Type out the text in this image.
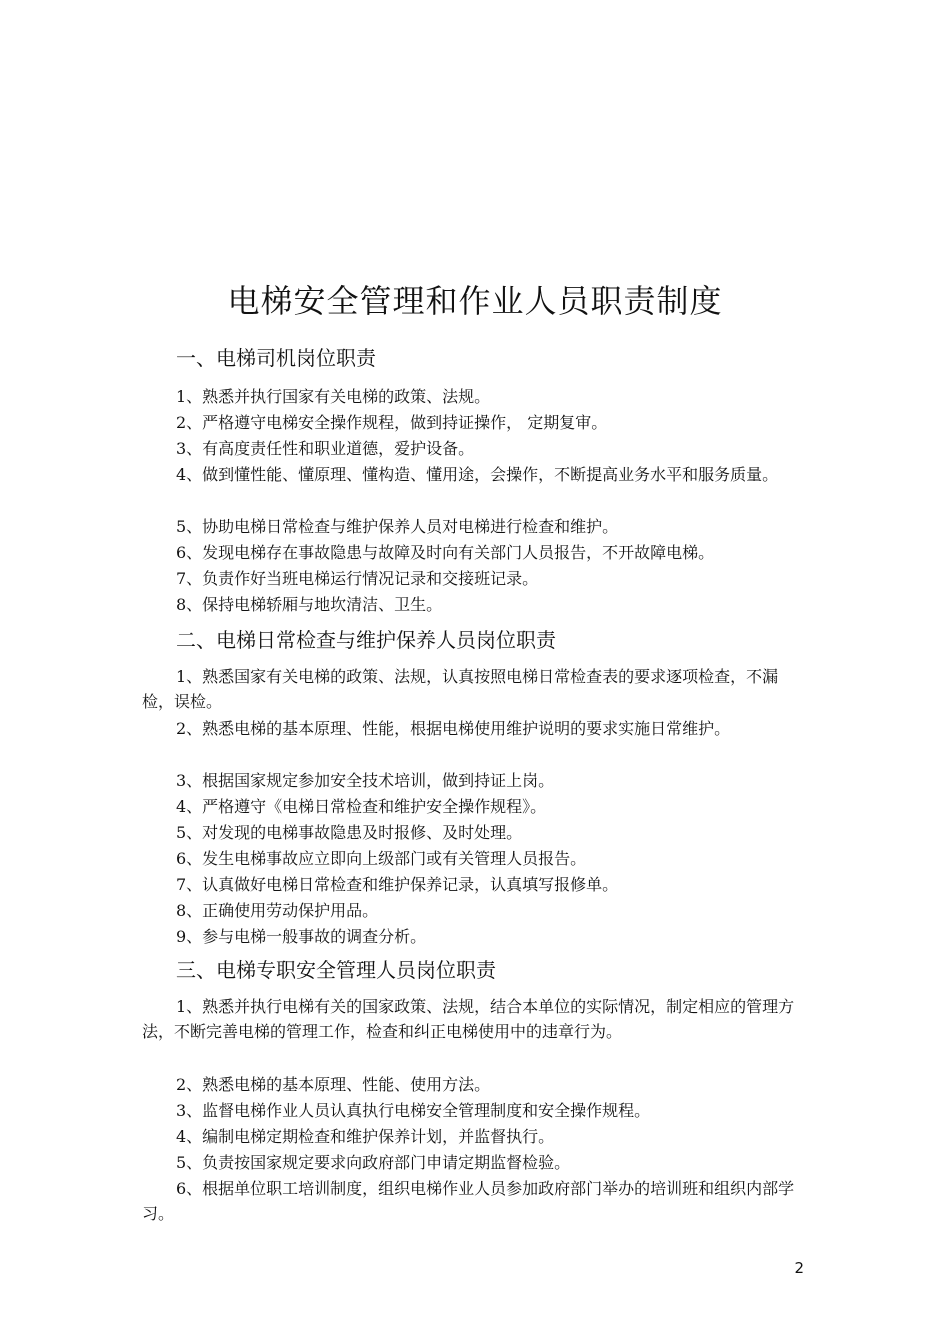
电梯安全管理和作业人员职责制度
一、电梯司机岗位职责

1、熟悉并执行国家有关电梯的政策、法规。

2、严格遵守电梯安全操作规程，做到持证操作， 定期复审。

3、有高度责任性和职业道德，爱护设备。

4、做到懂性能、懂原理、懂构造、懂用途，会操作，不断提高业务水平和服务质量。

5、协助电梯日常检查与维护保养人员对电梯进行检查和维护。

6、发现电梯存在事故隐患与故障及时向有关部门人员报告，不开故障电梯。

7、负责作好当班电梯运行情况记录和交接班记录。

8、保持电梯轿厢与地坎清洁、卫生。

二、电梯日常检查与维护保养人员岗位职责

1、熟悉国家有关电梯的政策、法规，认真按照电梯日常检查表的要求逐项检查，不漏检，误检。

2、熟悉电梯的基本原理、性能，根据电梯使用维护说明的要求实施日常维护。

3、根据国家规定参加安全技术培训，做到持证上岗。

4、严格遵守《电梯日常检查和维护安全操作规程》。

5、对发现的电梯事故隐患及时报修、及时处理。

6、发生电梯事故应立即向上级部门或有关管理人员报告。

7、认真做好电梯日常检查和维护保养记录，认真填写报修单。

8、正确使用劳动保护用品。

9、参与电梯一般事故的调查分析。

三、电梯专职安全管理人员岗位职责

1、熟悉并执行电梯有关的国家政策、法规，结合本单位的实际情况，制定相应的管理方法，不断完善电梯的管理工作，检查和纠正电梯使用中的违章行为。

2、熟悉电梯的基本原理、性能、使用方法。

3、监督电梯作业人员认真执行电梯安全管理制度和安全操作规程。

4、编制电梯定期检查和维护保养计划，并监督执行。

5、负责按国家规定要求向政府部门申请定期监督检验。

6、根据单位职工培训制度，组织电梯作业人员参加政府部门举办的培训班和组织内部学习。

2
